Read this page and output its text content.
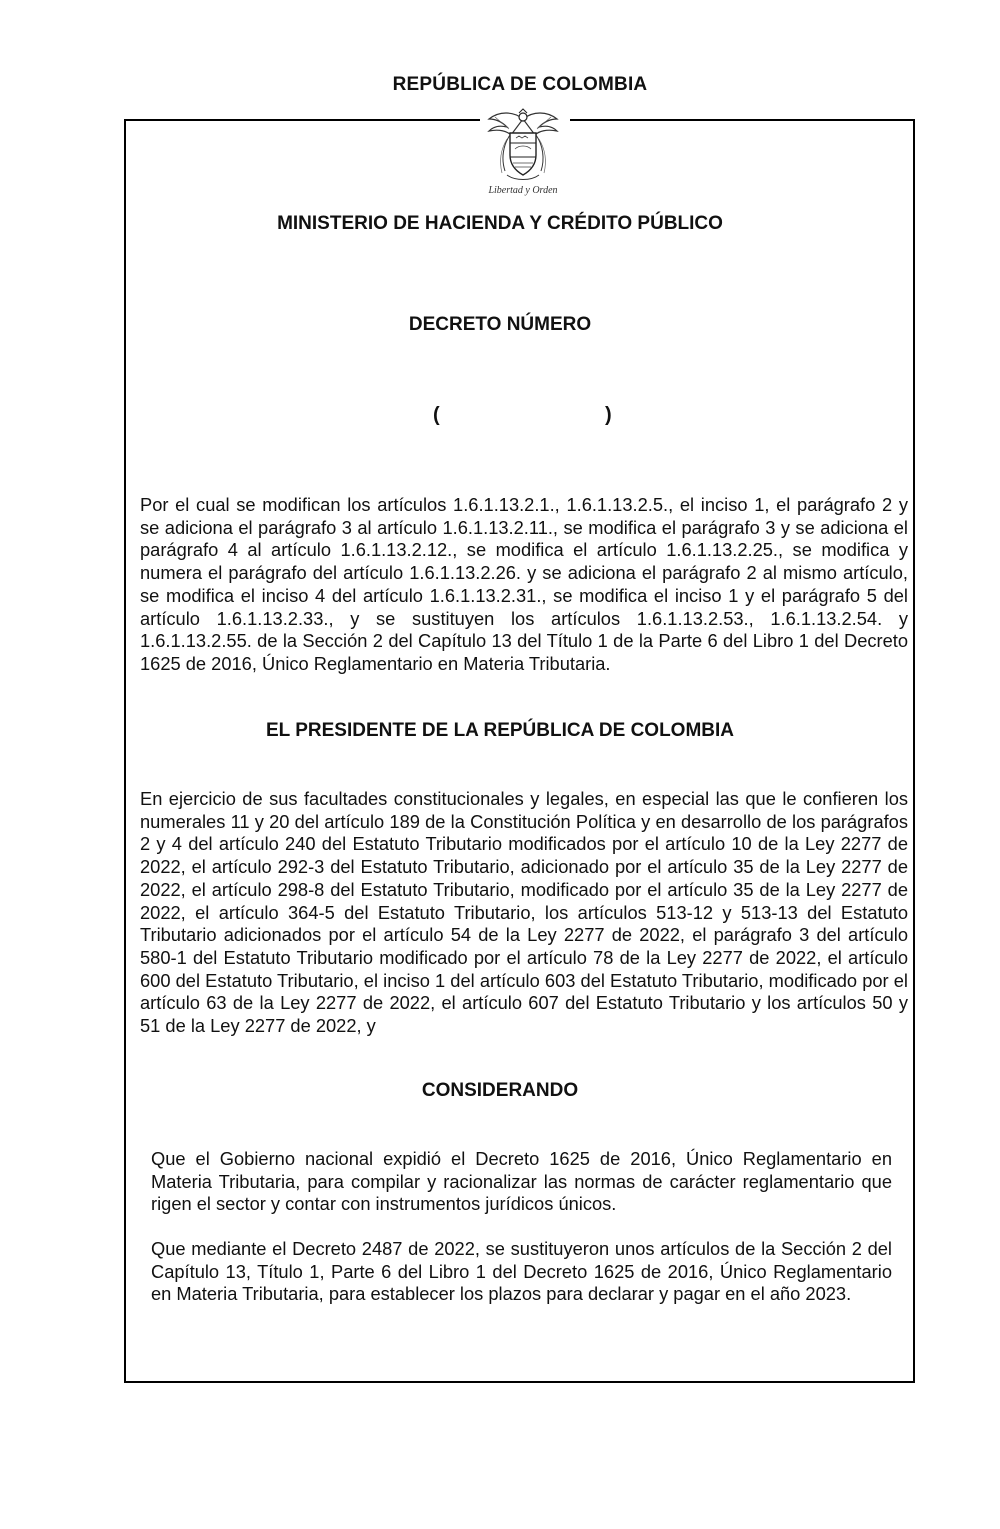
REPÚBLICA DE COLOMBIA
Libertad y Orden
MINISTERIO DE HACIENDA Y CRÉDITO PÚBLICO
DECRETO NÚMERO
(	)
Por el cual se modifican los artículos 1.6.1.13.2.1., 1.6.1.13.2.5., el inciso 1, el parágrafo 2 y se adiciona el parágrafo 3 al artículo 1.6.1.13.2.11., se modifica el parágrafo 3 y se adiciona el parágrafo 4 al artículo 1.6.1.13.2.12., se modifica el artículo 1.6.1.13.2.25., se modifica y numera el parágrafo del artículo 1.6.1.13.2.26. y se adiciona el parágrafo 2 al mismo artículo, se modifica el inciso 4 del artículo 1.6.1.13.2.31., se modifica el inciso 1 y el parágrafo 5 del artículo 1.6.1.13.2.33., y se sustituyen los artículos 1.6.1.13.2.53., 1.6.1.13.2.54. y 1.6.1.13.2.55. de la Sección 2 del Capítulo 13 del Título 1 de la Parte 6 del Libro 1 del Decreto 1625 de 2016, Único Reglamentario en Materia Tributaria.
EL PRESIDENTE DE LA REPÚBLICA DE COLOMBIA
En ejercicio de sus facultades constitucionales y legales, en especial las que le confieren los numerales 11 y 20 del artículo 189 de la Constitución Política y en desarrollo de los parágrafos 2 y 4 del artículo 240 del Estatuto Tributario modificados por el artículo 10 de la Ley 2277 de 2022, el artículo 292-3 del Estatuto Tributario, adicionado por el artículo 35 de la Ley 2277 de 2022, el artículo 298-8 del Estatuto Tributario, modificado por el artículo 35 de la Ley 2277 de 2022, el artículo 364-5 del Estatuto Tributario, los artículos 513-12 y 513-13 del Estatuto Tributario adicionados por el artículo 54 de la Ley 2277 de 2022, el parágrafo 3 del artículo 580-1 del Estatuto Tributario modificado por el artículo 78 de la Ley 2277 de 2022, el artículo 600 del Estatuto Tributario, el inciso 1 del artículo 603 del Estatuto Tributario, modificado por el artículo 63 de la Ley 2277 de 2022, el artículo 607 del Estatuto Tributario y los artículos 50 y 51 de la Ley 2277 de 2022, y
CONSIDERANDO
Que el Gobierno nacional expidió el Decreto 1625 de 2016, Único Reglamentario en Materia Tributaria, para compilar y racionalizar las normas de carácter reglamentario que rigen el sector y contar con instrumentos jurídicos únicos.
Que mediante el Decreto 2487 de 2022, se sustituyeron unos artículos de la Sección 2 del Capítulo 13, Título 1, Parte 6 del Libro 1 del Decreto 1625 de 2016, Único Reglamentario en Materia Tributaria, para establecer los plazos para declarar y pagar en el año 2023.
